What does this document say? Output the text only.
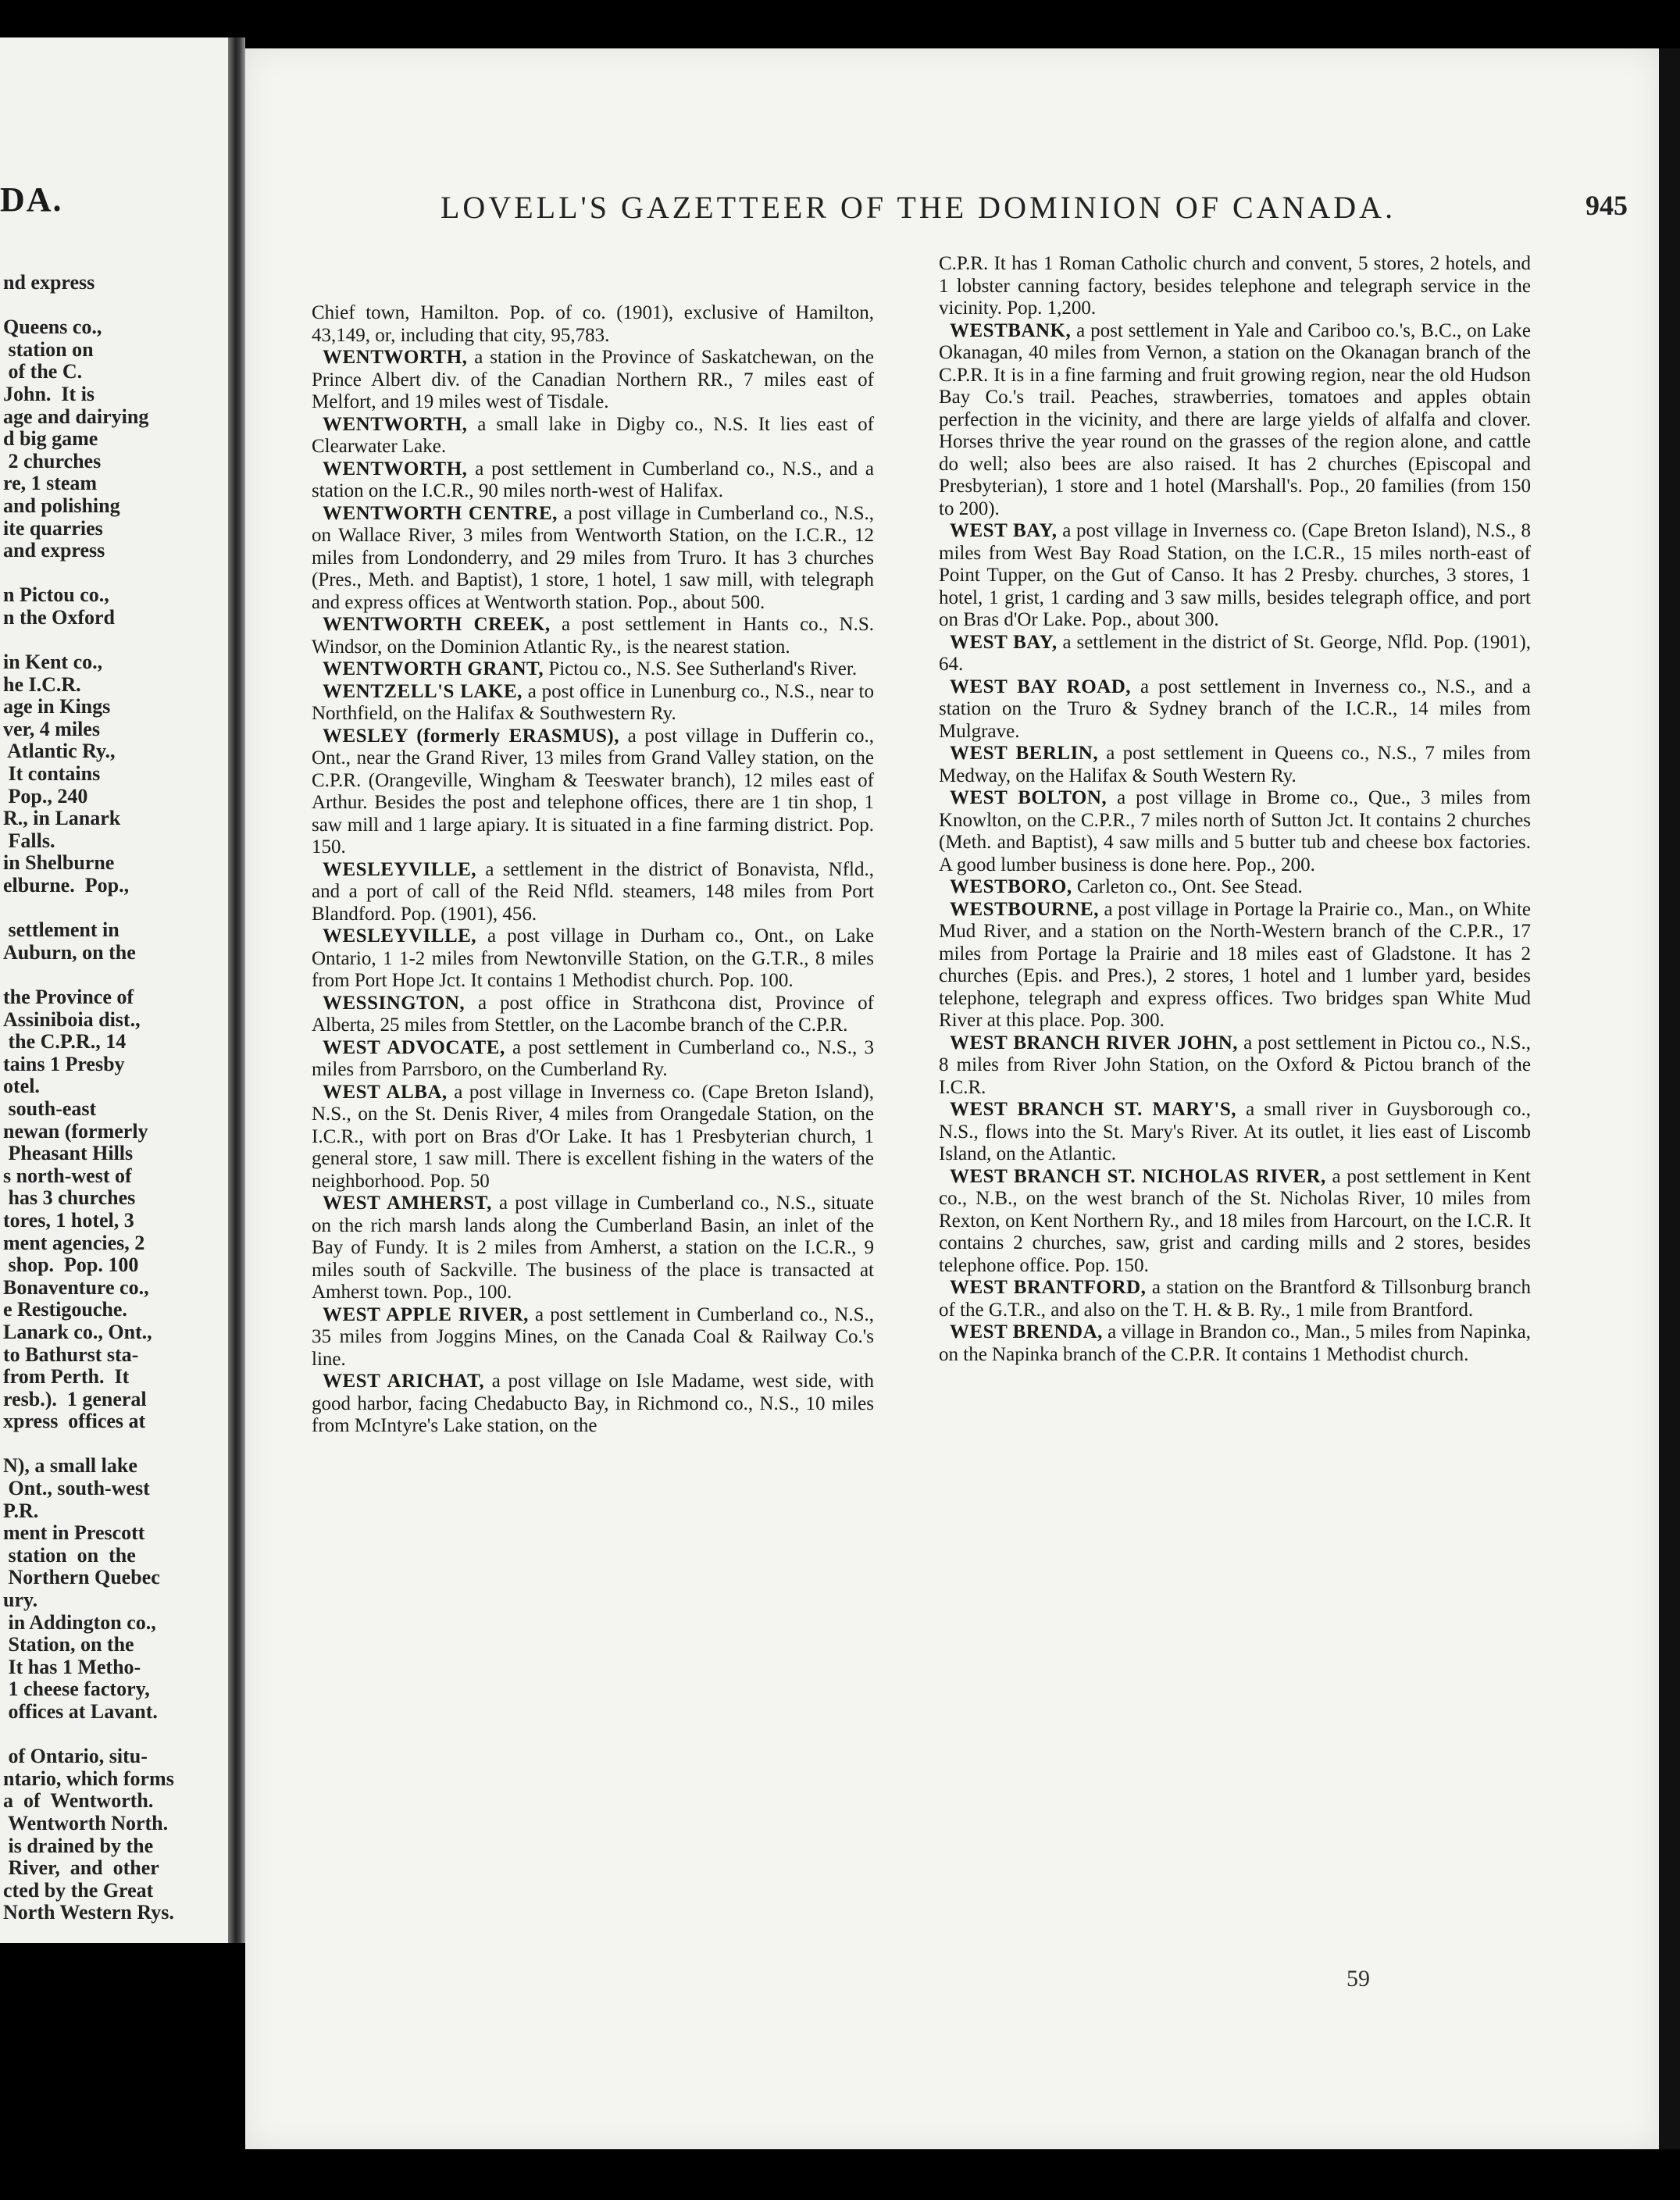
DA.
nd express

Queens co.,
station on
of the C.
John.  It is
age and dairying
d big game
2 churches
re, 1 steam
and polishing
ite quarries
and express

n Pictou co.,
n the Oxford

in Kent co.,
he I.C.R.
age in Kings
ver, 4 miles
Atlantic Ry.,
It contains
Pop., 240
R., in Lanark
Falls.
in Shelburne
elburne.  Pop.,

settlement in
Auburn, on the

the Province of
Assiniboia dist.,
the C.P.R., 14
tains 1 Presby
otel.
south-east
newan (formerly
Pheasant Hills
s north-west of
has 3 churches
tores, 1 hotel, 3
ment agencies, 2
shop.  Pop. 100
Bonaventure co.,
e Restigouche.
Lanark co., Ont.,
to Bathurst sta-
from Perth.  It
resb.).  1 general
xpress  offices at

N), a small lake
Ont., south-west
P.R.
ment in Prescott
station  on  the
Northern Quebec
ury.
in Addington co.,
Station, on the
It has 1 Metho-
1 cheese factory,
offices at Lavant.

of Ontario, situ-
ntario, which forms
a  of  Wentworth.
Wentworth North.
is drained by the
River,  and  other
cted by the Great
North Western Rys.
LOVELL'S GAZETTEER OF THE DOMINION OF CANADA.	945

Chief town, Hamilton. Pop. of co. (1901), exclusive of Hamilton, 43,149, or, including that city, 95,783.

WENTWORTH, a station in the Province of Saskatchewan, on the Prince Albert div. of the Canadian Northern RR., 7 miles east of Melfort, and 19 miles west of Tisdale.

WENTWORTH, a small lake in Digby co., N.S. It lies east of Clearwater Lake.

WENTWORTH, a post settlement in Cumberland co., N.S., and a station on the I.C.R., 90 miles north-west of Halifax.

WENTWORTH CENTRE, a post village in Cumberland co., N.S., on Wallace River, 3 miles from Wentworth Station, on the I.C.R., 12 miles from Londonderry, and 29 miles from Truro. It has 3 churches (Pres., Meth. and Baptist), 1 store, 1 hotel, 1 saw mill, with telegraph and express offices at Wentworth station. Pop., about 500.

WENTWORTH CREEK, a post settlement in Hants co., N.S. Windsor, on the Dominion Atlantic Ry., is the nearest station.

WENTWORTH GRANT, Pictou co., N.S. See Sutherland's River.

WENTZELL'S LAKE, a post office in Lunenburg co., N.S., near to Northfield, on the Halifax & Southwestern Ry.

WESLEY (formerly ERASMUS), a post village in Dufferin co., Ont., near the Grand River, 13 miles from Grand Valley station, on the C.P.R. (Orangeville, Wingham & Teeswater branch), 12 miles east of Arthur. Besides the post and telephone offices, there are 1 tin shop, 1 saw mill and 1 large apiary. It is situated in a fine farming district. Pop. 150.

WESLEYVILLE, a settlement in the district of Bonavista, Nfld., and a port of call of the Reid Nfld. steamers, 148 miles from Port Blandford. Pop. (1901), 456.

WESLEYVILLE, a post village in Durham co., Ont., on Lake Ontario, 1 1-2 miles from Newtonville Station, on the G.T.R., 8 miles from Port Hope Jct. It contains 1 Methodist church. Pop. 100.

WESSINGTON, a post office in Strathcona dist, Province of Alberta, 25 miles from Stettler, on the Lacombe branch of the C.P.R.

WEST ADVOCATE, a post settlement in Cumberland co., N.S., 3 miles from Parrsboro, on the Cumberland Ry.

WEST ALBA, a post village in Inverness co. (Cape Breton Island), N.S., on the St. Denis River, 4 miles from Orangedale Station, on the I.C.R., with port on Bras d'Or Lake. It has 1 Presbyterian church, 1 general store, 1 saw mill. There is excellent fishing in the waters of the neighborhood. Pop. 50

WEST AMHERST, a post village in Cumberland co., N.S., situate on the rich marsh lands along the Cumberland Basin, an inlet of the Bay of Fundy. It is 2 miles from Amherst, a station on the I.C.R., 9 miles south of Sackville. The business of the place is transacted at Amherst town. Pop., 100.

WEST APPLE RIVER, a post settlement in Cumberland co., N.S., 35 miles from Joggins Mines, on the Canada Coal & Railway Co.'s line.

WEST ARICHAT, a post village on Isle Madame, west side, with good harbor, facing Chedabucto Bay, in Richmond co., N.S., 10 miles from McIntyre's Lake station, on the

C.P.R. It has 1 Roman Catholic church and convent, 5 stores, 2 hotels, and 1 lobster canning factory, besides telephone and telegraph service in the vicinity. Pop. 1,200.

WESTBANK, a post settlement in Yale and Cariboo co.'s, B.C., on Lake Okanagan, 40 miles from Vernon, a station on the Okanagan branch of the C.P.R. It is in a fine farming and fruit growing region, near the old Hudson Bay Co.'s trail. Peaches, strawberries, tomatoes and apples obtain perfection in the vicinity, and there are large yields of alfalfa and clover. Horses thrive the year round on the grasses of the region alone, and cattle do well; also bees are also raised. It has 2 churches (Episcopal and Presbyterian), 1 store and 1 hotel (Marshall's. Pop., 20 families (from 150 to 200).

WEST BAY, a post village in Inverness co. (Cape Breton Island), N.S., 8 miles from West Bay Road Station, on the I.C.R., 15 miles north-east of Point Tupper, on the Gut of Canso. It has 2 Presby. churches, 3 stores, 1 hotel, 1 grist, 1 carding and 3 saw mills, besides telegraph office, and port on Bras d'Or Lake. Pop., about 300.

WEST BAY, a settlement in the district of St. George, Nfld. Pop. (1901), 64.

WEST BAY ROAD, a post settlement in Inverness co., N.S., and a station on the Truro & Sydney branch of the I.C.R., 14 miles from Mulgrave.

WEST BERLIN, a post settlement in Queens co., N.S., 7 miles from Medway, on the Halifax & South Western Ry.

WEST BOLTON, a post village in Brome co., Que., 3 miles from Knowlton, on the C.P.R., 7 miles north of Sutton Jct. It contains 2 churches (Meth. and Baptist), 4 saw mills and 5 butter tub and cheese box factories. A good lumber business is done here. Pop., 200.

WESTBORO, Carleton co., Ont. See Stead.

WESTBOURNE, a post village in Portage la Prairie co., Man., on White Mud River, and a station on the North-Western branch of the C.P.R., 17 miles from Portage la Prairie and 18 miles east of Gladstone. It has 2 churches (Epis. and Pres.), 2 stores, 1 hotel and 1 lumber yard, besides telephone, telegraph and express offices. Two bridges span White Mud River at this place. Pop. 300.

WEST BRANCH RIVER JOHN, a post settlement in Pictou co., N.S., 8 miles from River John Station, on the Oxford & Pictou branch of the I.C.R.

WEST BRANCH ST. MARY'S, a small river in Guysborough co., N.S., flows into the St. Mary's River. At its outlet, it lies east of Liscomb Island, on the Atlantic.

WEST BRANCH ST. NICHOLAS RIVER, a post settlement in Kent co., N.B., on the west branch of the St. Nicholas River, 10 miles from Rexton, on Kent Northern Ry., and 18 miles from Harcourt, on the I.C.R. It contains 2 churches, saw, grist and carding mills and 2 stores, besides telephone office. Pop. 150.

WEST BRANTFORD, a station on the Brantford & Tillsonburg branch of the G.T.R., and also on the T. H. & B. Ry., 1 mile from Brantford.

WEST BRENDA, a village in Brandon co., Man., 5 miles from Napinka, on the Napinka branch of the C.P.R. It contains 1 Methodist church.

59
